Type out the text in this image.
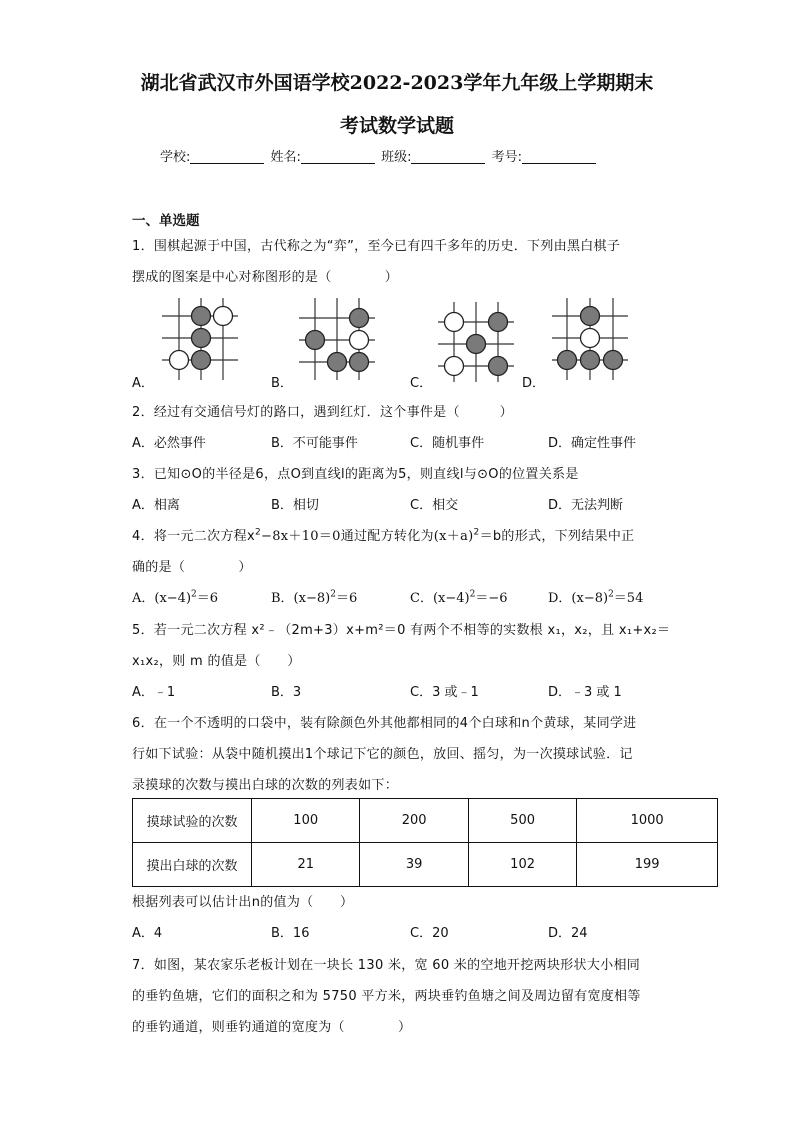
湖北省武汉市外国语学校2022-2023学年九年级上学期期末
考试数学试题
学校:	姓名:	班级:	考号:
一、单选题
1．围棋起源于中国，古代称之为“弈”，至今已有四千多年的历史．下列由黑白棋子
摆成的图案是中心对称图形的是（　　　　）
A．	B．	C．	D．
2．经过有交通信号灯的路口，遇到红灯．这个事件是（　　　）
A．必然事件	B．不可能事件	C．随机事件	D．确定性事件
3．已知⊙O的半径是6，点O到直线l的距离为5，则直线l与⊙O的位置关系是
A．相离	B．相切	C．相交	D．无法判断
4．将一元二次方程$x^2-8x+10=0$通过配方转化为$(x+a)^2=b$的形式，下列结果中正
确的是（　　　　）
A．$(x-4)^2=6$	B．$(x-8)^2=6$	C．$(x-4)^2=-6$	D．$(x-8)^2=54$
5．若一元二次方程 x²﹣（2m+3）x+m²＝0 有两个不相等的实数根 x₁，x₂，且 x₁+x₂＝
x₁x₂，则 m 的值是（　　）
A．﹣1	B．3	C．3 或﹣1	D．﹣3 或 1
6．在一个不透明的口袋中，装有除颜色外其他都相同的4个白球和n个黄球，某同学进
行如下试验：从袋中随机摸出1个球记下它的颜色，放回、摇匀，为一次摸球试验．记
录摸球的次数与摸出白球的次数的列表如下：
摸球试验的次数	100	200	500	1000
摸出白球的次数	21	39	102	199
根据列表可以估计出n的值为（　　）
A．4	B．16	C．20	D．24
7．如图，某农家乐老板计划在一块长 130 米，宽 60 米的空地开挖两块形状大小相同
的垂钓鱼塘，它们的面积之和为 5750 平方米，两块垂钓鱼塘之间及周边留有宽度相等
的垂钓通道，则垂钓通道的宽度为（　　　　）
